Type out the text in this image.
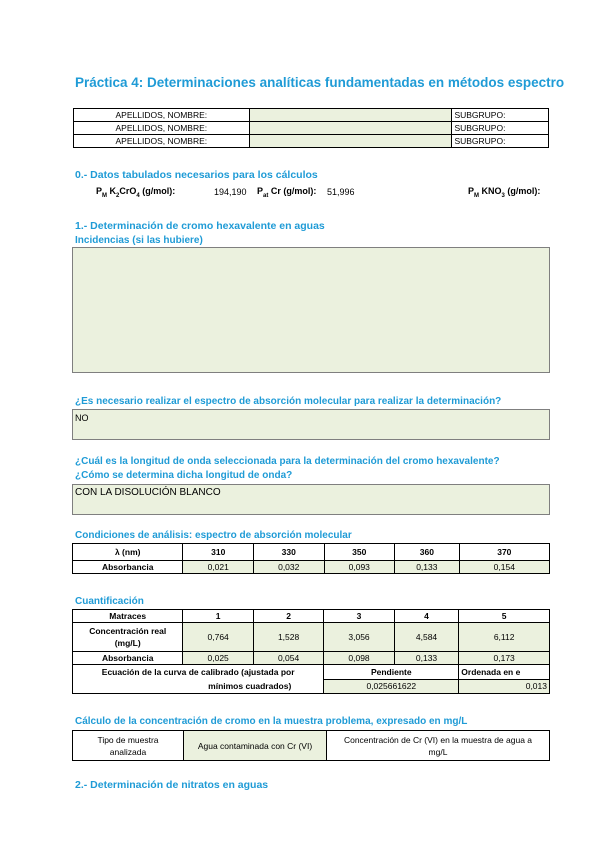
Práctica 4: Determinaciones analíticas fundamentadas en métodos espectro
APELLIDOS, NOMBRE:		SUBGRUPO:
APELLIDOS, NOMBRE:		SUBGRUPO:
APELLIDOS, NOMBRE:		SUBGRUPO:
0.- Datos tabulados necesarios para los cálculos
$P_M$ $K_2CrO_4$ (g/mol):	194,190 $P_{at}$ Cr (g/mol): 51,996	$P_M$ $KNO_3$ (g/mol):
1.- Determinación de cromo hexavalente en aguas
Incidencias (si las hubiere)
¿Es necesario realizar el espectro de absorción molecular para realizar la determinación?
NO
¿Cuál es la longitud de onda seleccionada para la determinación del cromo hexavalente?
¿Cómo se determina dicha longitud de onda?
CON LA DISOLUCIÓN BLANCO
Condiciones de análisis: espectro de absorción molecular
λ (nm)	310	330	350	360	370
Absorbancia	0,021	0,032	0,093	0,133	0,154
Cuantificación
Matraces	1	2	3	4	5
Concentración real
(mg/L)	0,764	1,528	3,056	4,584	6,112
Absorbancia	0,025	0,054	0,098	0,133	0,173

Ecuación de la curva de calibrado (ajustada por
mínimos cuadrados)			Pendiente		Ordenada en e
			0,025661622		0,013
Cálculo de la concentración de cromo en la muestra problema, expresado en mg/L
Tipo de muestra
analizada	Agua contaminada con Cr (VI)	Concentración de Cr (VI) en la muestra de agua a
mg/L
2.- Determinación de nitratos en aguas
